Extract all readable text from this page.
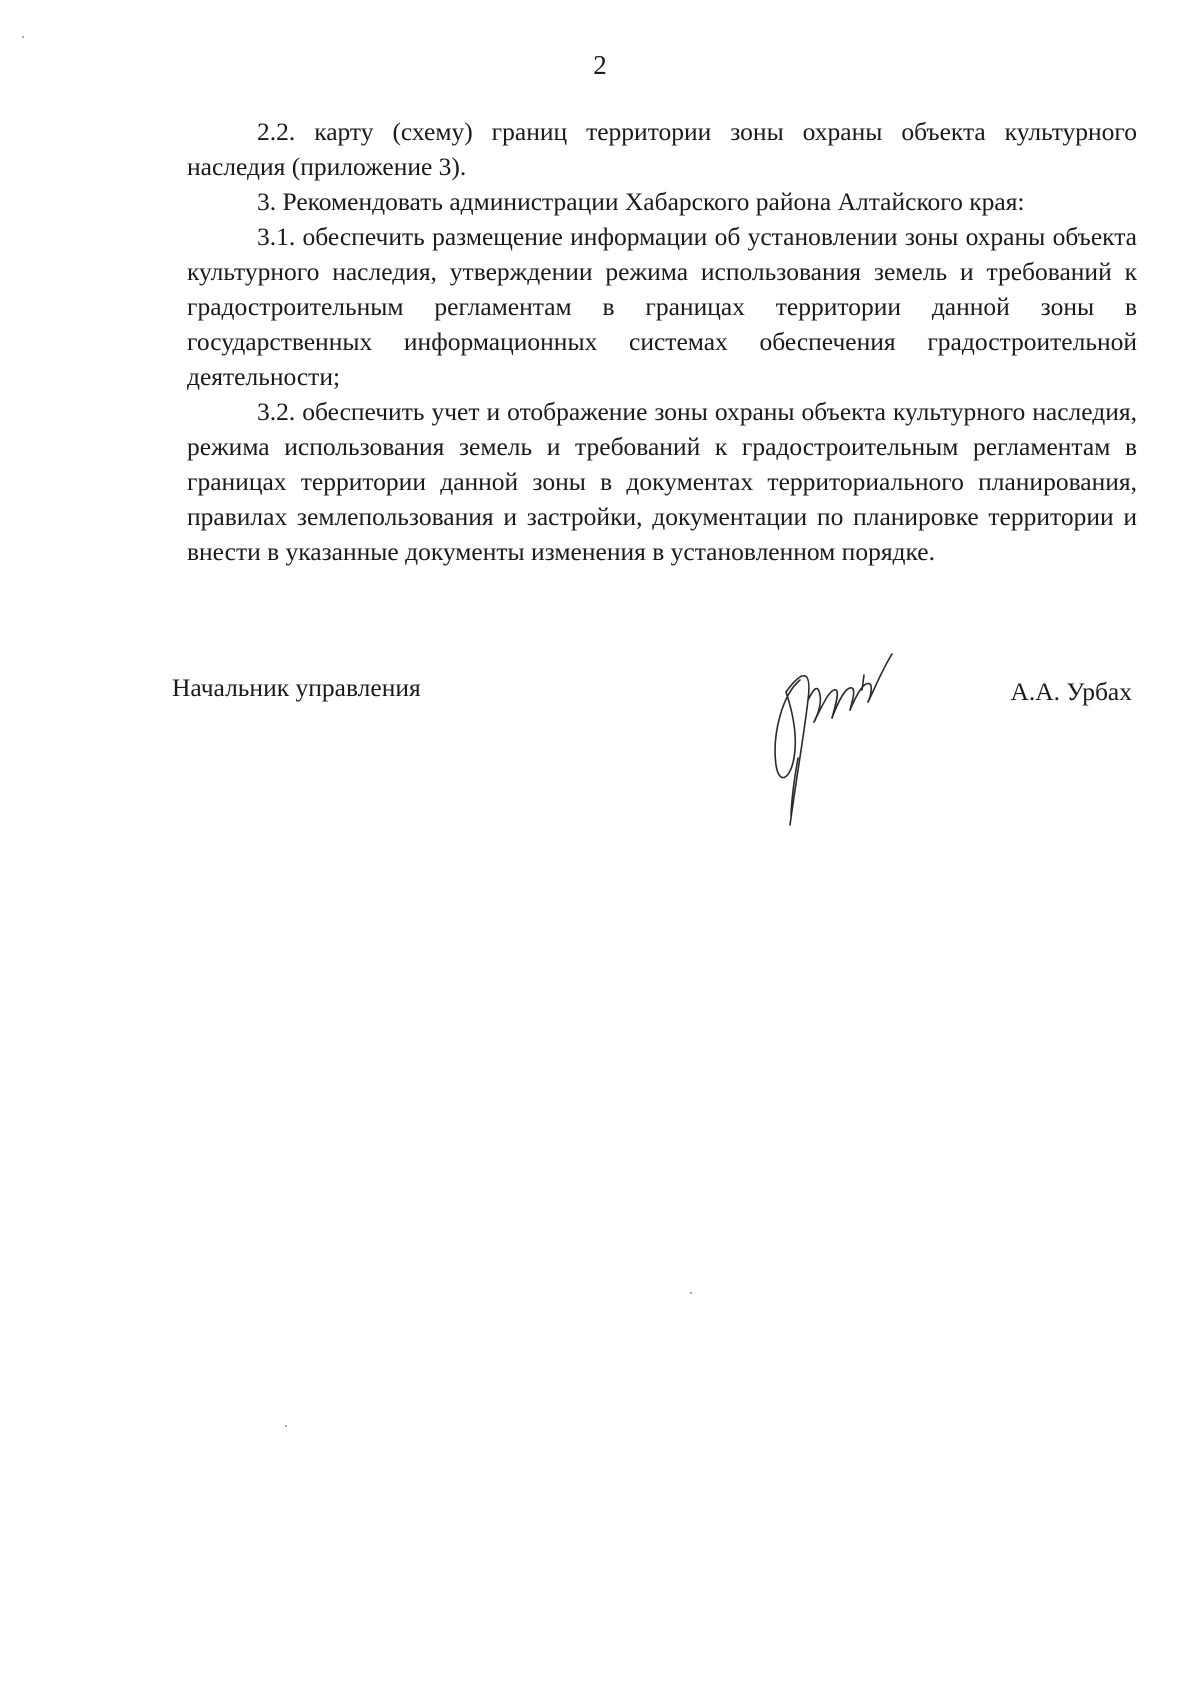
2

2.2. карту (схему) границ территории зоны охраны объекта культурного наследия (приложение 3).

3. Рекомендовать администрации Хабарского района Алтайского края:

3.1. обеспечить размещение информации об установлении зоны охраны объекта культурного наследия, утверждении режима использования земель и требований к градостроительным регламентам в границах территории данной зоны в государственных информационных системах обеспечения градостроительной деятельности;

3.2. обеспечить учет и отображение зоны охраны объекта культурного наследия, режима использования земель и требований к градостроительным регламентам в границах территории данной зоны в документах территориального планирования, правилах землепользования и застройки, документации по планировке территории и внести в указанные документы изменения в установленном порядке.

Начальник управления	А.А. Урбах
